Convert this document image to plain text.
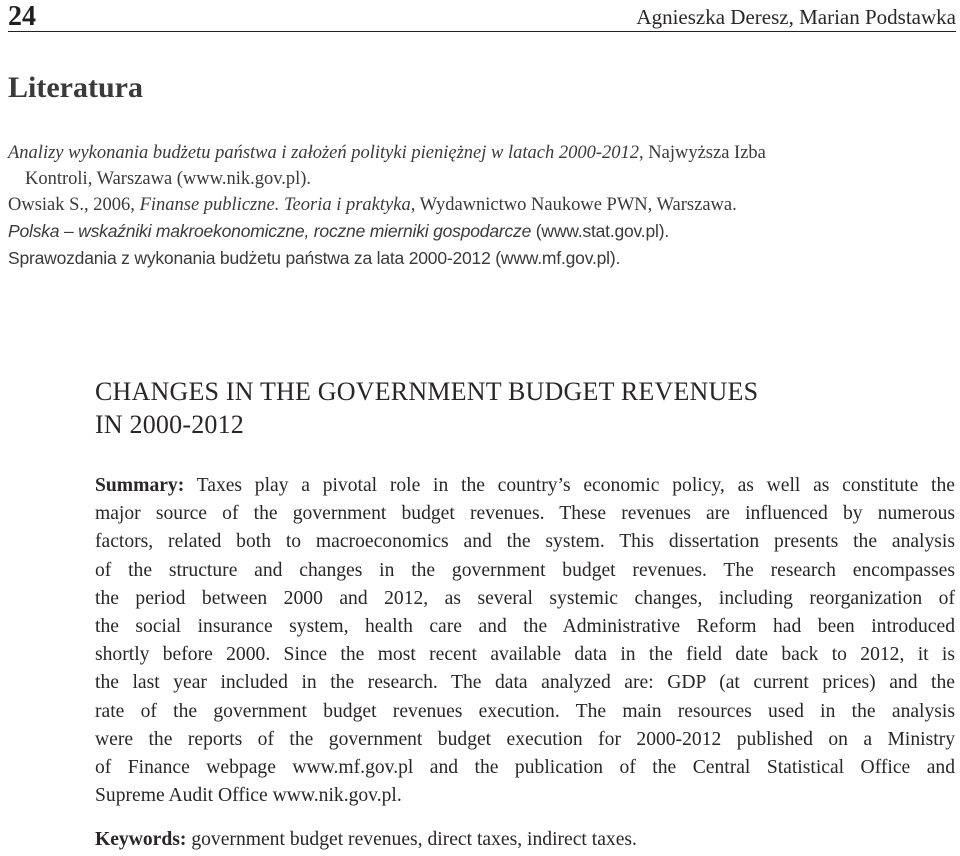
24	Agnieszka Deresz, Marian Podstawka
Literatura

Analizy wykonania budżetu państwa i założeń polityki pieniężnej w latach 2000-2012, Najwyższa Izba

Kontroli, Warszawa (www.nik.gov.pl).

Owsiak S., 2006, Finanse publiczne. Teoria i praktyka, Wydawnictwo Naukowe PWN, Warszawa.

Polska – wskaźniki makroekonomiczne, roczne mierniki gospodarcze (www.stat.gov.pl).

Sprawozdania z wykonania budżetu państwa za lata 2000-2012 (www.mf.gov.pl).

CHANGES IN THE GOVERNMENT BUDGET REVENUES
IN 2000-2012
Summary: Taxes play a pivotal role in the country’s economic policy, as well as constitute the
major source of the government budget revenues. These revenues are influenced by numerous
factors, related both to macroeconomics and the system. This dissertation presents the analysis
of the structure and changes in the government budget revenues. The research encompasses
the period between 2000 and 2012, as several systemic changes, including reorganization of
the social insurance system, health care and the Administrative Reform had been introduced
shortly before 2000. Since the most recent available data in the field date back to 2012, it is
the last year included in the research. The data analyzed are: GDP (at current prices) and the
rate of the government budget revenues execution. The main resources used in the analysis
were the reports of the government budget execution for 2000-2012 published on a Ministry
of Finance webpage www.mf.gov.pl and the publication of the Central Statistical Office and
Supreme Audit Office www.nik.gov.pl.

Keywords: government budget revenues, direct taxes, indirect taxes.
